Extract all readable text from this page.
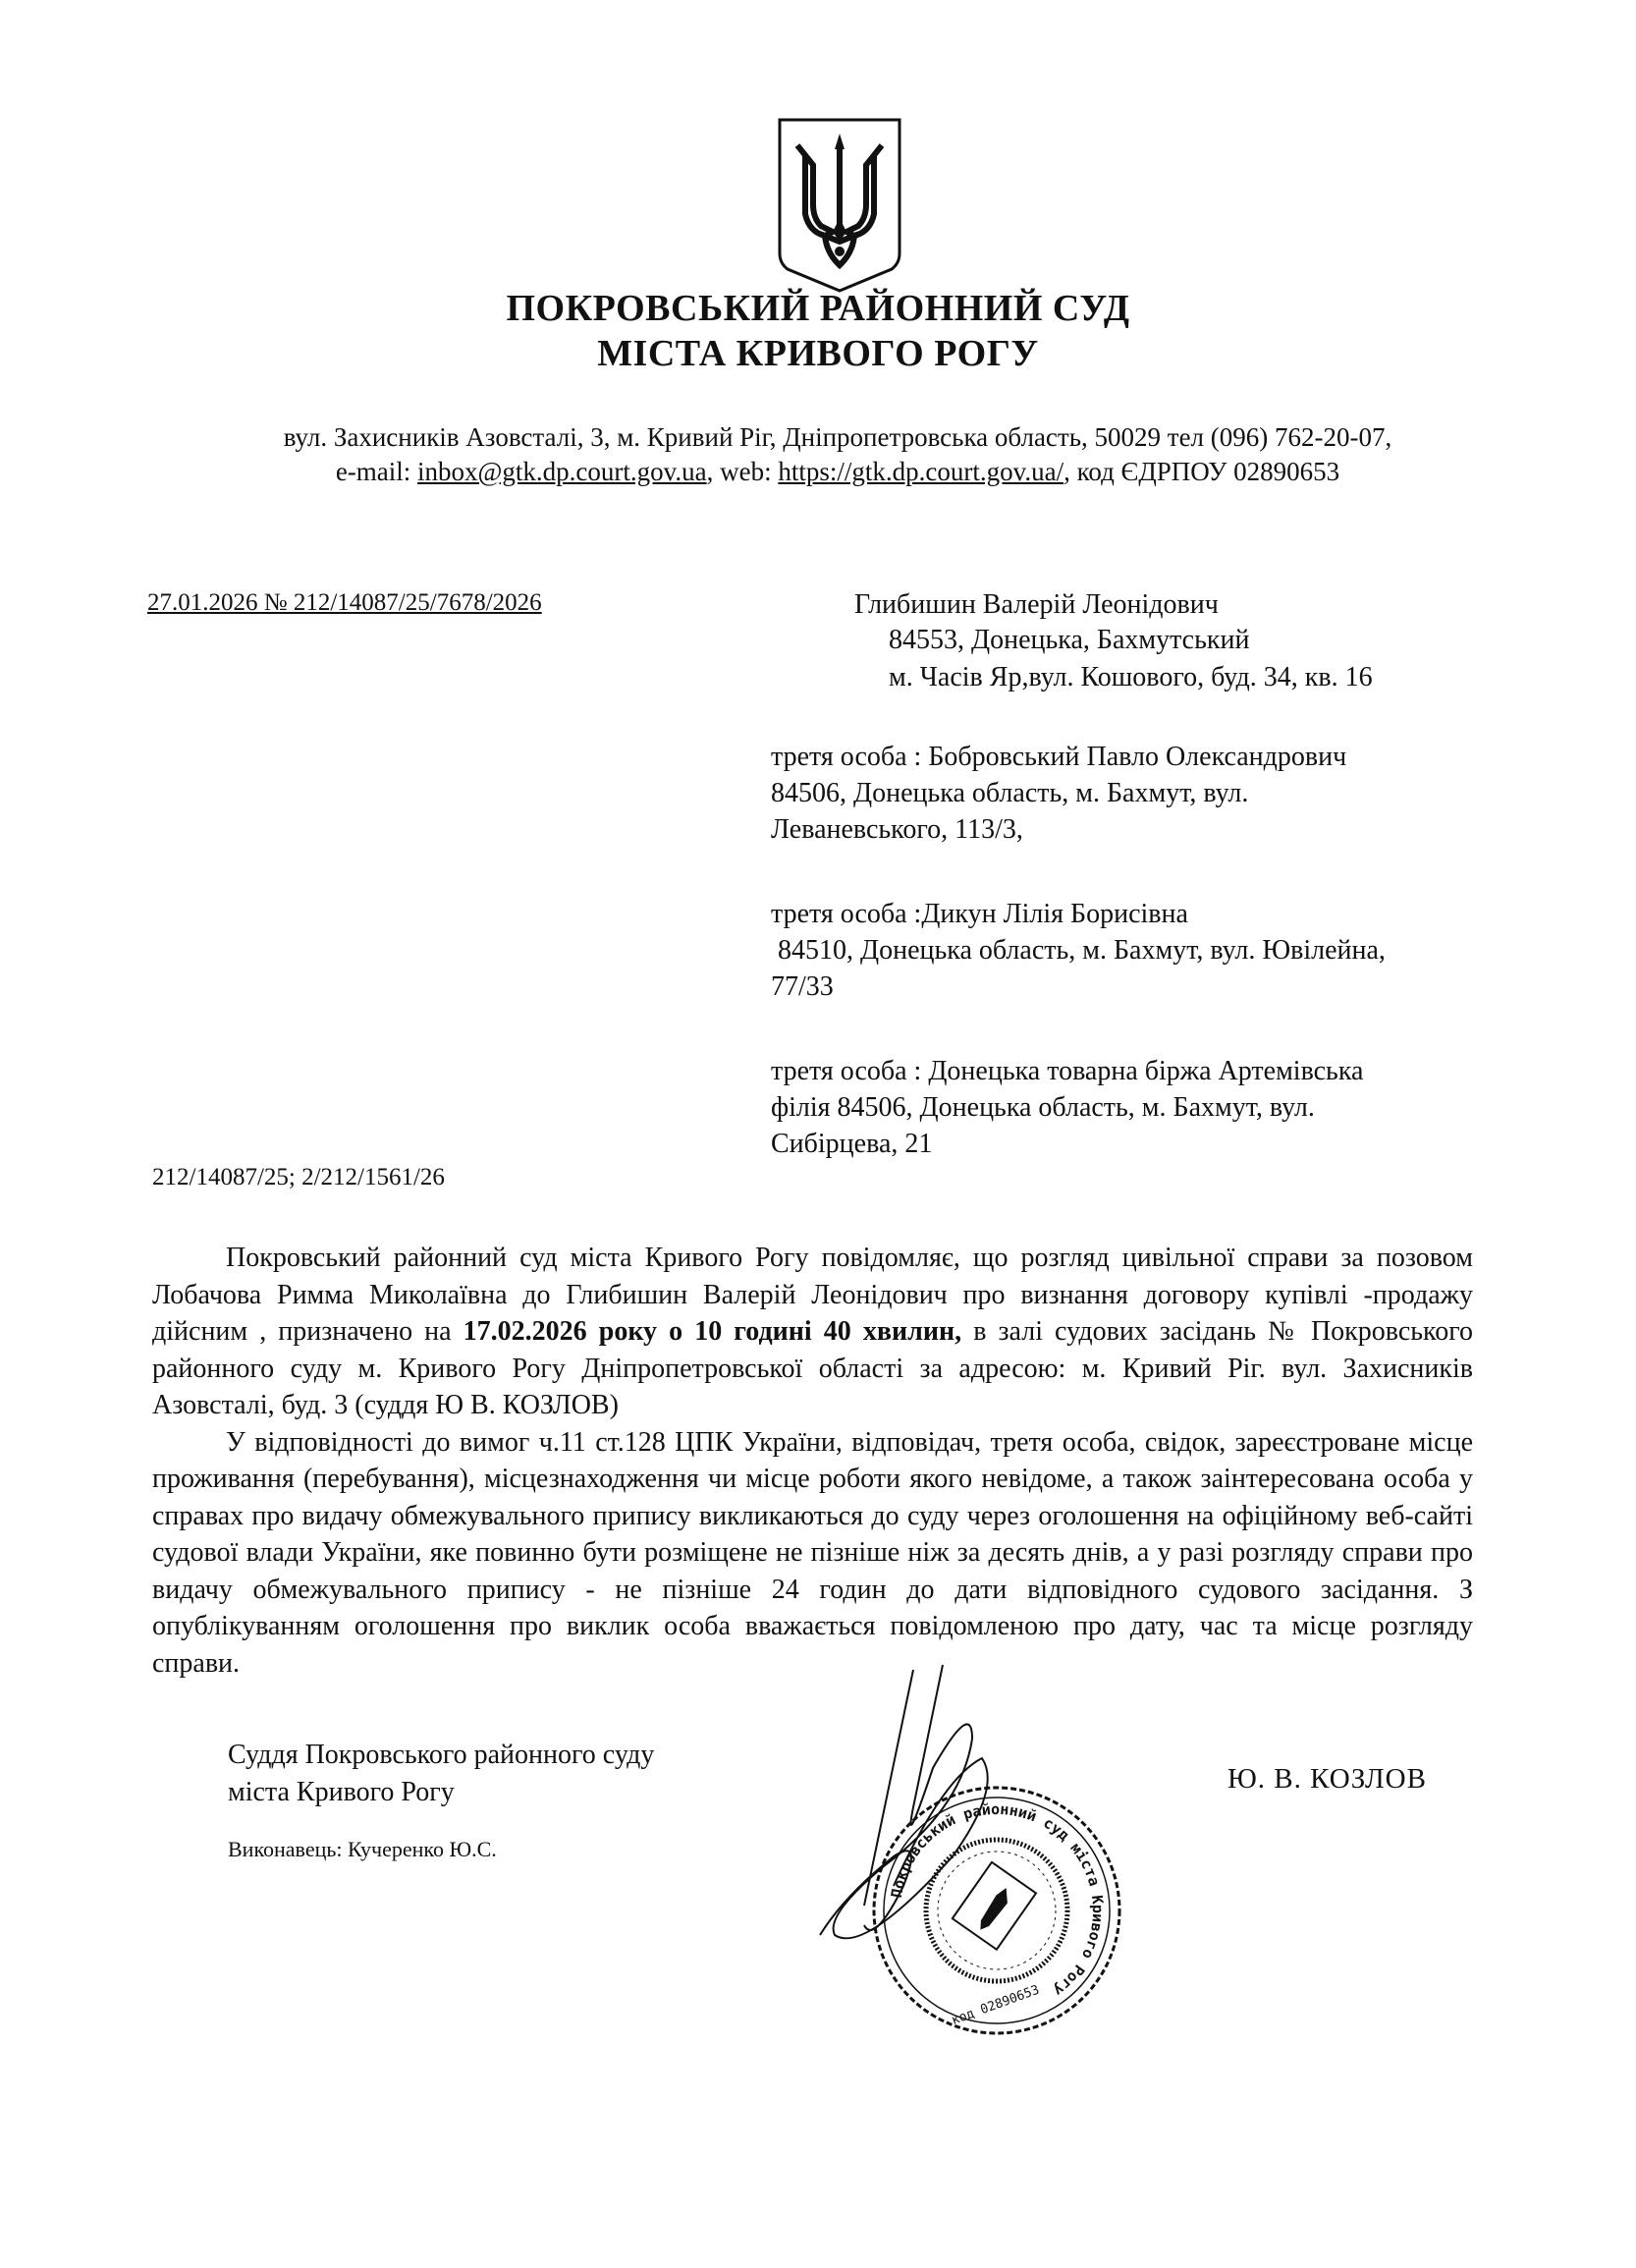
ПОКРОВСЬКИЙ РАЙОННИЙ СУД
МІСТА КРИВОГО РОГУ
вул. Захисників Азовсталі, 3, м. Кривий Ріг, Дніпропетровська область, 50029 тел (096) 762-20-07,
e-mail: inbox@gtk.dp.court.gov.ua, web: https://gtk.dp.court.gov.ua/, код ЄДРПОУ 02890653
27.01.2026 № 212/14087/25/7678/2026	Глибишин Валерій Леонідович
84553, Донецька, Бахмутський
м. Часів Яр,вул. Кошового, буд. 34, кв. 16
третя особа : Бобровський Павло Олександрович
84506, Донецька область, м. Бахмут, вул.
Леваневського, 113/3,
третя особа :Дикун Лілія Борисівна
84510, Донецька область, м. Бахмут, вул. Ювілейна,
77/33
третя особа : Донецька товарна біржа Артемівська
філія 84506, Донецька область, м. Бахмут, вул.
Сибірцева, 21
212/14087/25; 2/212/1561/26

Покровський районний суд міста Кривого Рогу повідомляє, що розгляд цивільної справи за позовом Лобачова Римма Миколаївна до Глибишин Валерій Леонідович про визнання договору купівлі -продажу дійсним , призначено на 17.02.2026 року о 10 годині 40 хвилин, в залі судових засідань № Покровського районного суду м. Кривого Рогу Дніпропетровської області за адресою: м. Кривий Ріг. вул. Захисників Азовсталі, буд. 3 (суддя Ю В. КОЗЛОВ)

У відповідності до вимог ч.11 ст.128 ЦПК України, відповідач, третя особа, свідок, зареєстроване місце проживання (перебування), місцезнаходження чи місце роботи якого невідоме, а також заінтересована особа у справах про видачу обмежувального припису викликаються до суду через оголошення на офіційному веб-сайті судової влади України, яке повинно бути розміщене не пізніше ніж за десять днів, а у разі розгляду справи про видачу обмежувального припису - не пізніше 24 годин до дати відповідного судового засідання. З опублікуванням оголошення про виклик особа вважається повідомленою про дату, час та місце розгляду справи.

Суддя Покровського районного суду
міста Кривого Рогу
Виконавець: Кучеренко Ю.С.
Ю. В. КОЗЛОВ
Покровський районний суд міста Кривого Рогу
код 02890653
